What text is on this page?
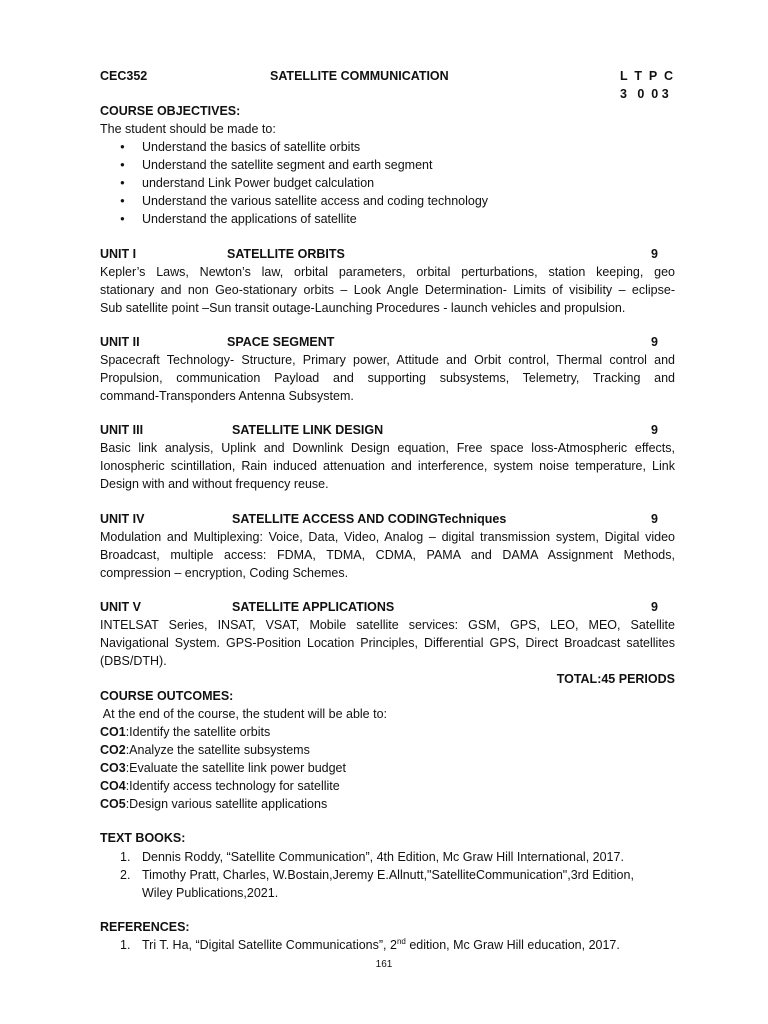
CEC352	SATELLITE COMMUNICATION	L  T  P  C
3   0  0 3
COURSE OBJECTIVES:
The student should be made to:
● Understand the basics of satellite orbits
● Understand the satellite segment and earth segment
● understand Link Power budget calculation
● Understand the various satellite access and coding technology
● Understand the applications of satellite
UNIT I	SATELLITE ORBITS	9
Kepler’s Laws, Newton’s law, orbital parameters, orbital perturbations, station keeping, geo
stationary and non Geo-stationary orbits – Look Angle Determination- Limits of visibility – eclipse-
Sub satellite point –Sun transit outage-Launching Procedures - launch vehicles and propulsion.
UNIT II	SPACE SEGMENT	9
Spacecraft Technology- Structure, Primary power, Attitude and Orbit control, Thermal control and
Propulsion, communication Payload and supporting subsystems, Telemetry, Tracking and
command-Transponders Antenna Subsystem.
UNIT III	SATELLITE LINK DESIGN	9
Basic link analysis, Uplink and Downlink Design equation, Free space loss-Atmospheric effects,
Ionospheric scintillation, Rain induced attenuation and interference, system noise temperature, Link
Design with and without frequency reuse.
UNIT IV	SATELLITE ACCESS AND CODINGTechniques	9
Modulation and Multiplexing: Voice, Data, Video, Analog – digital transmission system, Digital video
Broadcast, multiple access: FDMA, TDMA, CDMA, PAMA and DAMA Assignment Methods,
compression – encryption, Coding Schemes.
UNIT V	SATELLITE APPLICATIONS	9
INTELSAT Series, INSAT, VSAT, Mobile satellite services: GSM, GPS, LEO, MEO, Satellite
Navigational System. GPS-Position Location Principles, Differential GPS, Direct Broadcast satellites
(DBS/DTH).
TOTAL:45 PERIODS
COURSE OUTCOMES:
At the end of the course, the student will be able to:
CO1:Identify the satellite orbits
CO2:Analyze the satellite subsystems
CO3:Evaluate the satellite link power budget
CO4:Identify access technology for satellite
CO5:Design various satellite applications
TEXT BOOKS:
1. Dennis Roddy, “Satellite Communication”, 4th Edition, Mc Graw Hill International, 2017.
2. Timothy Pratt, Charles, W.Bostain,Jeremy E.Allnutt,"SatelliteCommunication",3rd Edition,
Wiley Publications,2021.
REFERENCES:
1. Tri T. Ha, “Digital Satellite Communications”, 2nd edition, Mc Graw Hill education, 2017.
161
